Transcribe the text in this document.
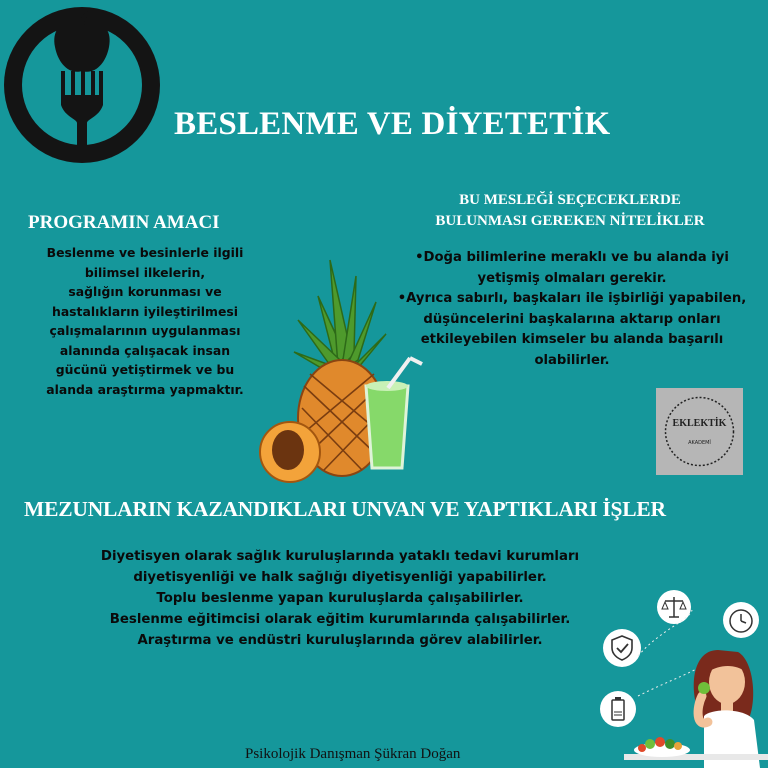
BESLENME VE DİYETETİK
PROGRAMIN AMACI
Beslenme ve besinlerle ilgili
bilimsel ilkelerin,
sağlığın korunması ve
hastalıkların iyileştirilmesi
çalışmalarının uygulanması
alanında çalışacak insan
gücünü yetiştirmek ve bu
alanda araştırma yapmaktır.
BU MESLEĞİ SEÇECEKLERDE
BULUNMASI GEREKEN NİTELİKLER
•Doğa bilimlerine meraklı ve bu alanda iyi
yetişmiş olmaları gerekir.
•Ayrıca sabırlı, başkaları ile işbirliği yapabilen,
düşüncelerini başkalarına aktarıp onları
etkileyebilen kimseler bu alanda başarılı
olabilirler.
EKLEKTİK
AKADEMİ
MEZUNLARIN KAZANDIKLARI UNVAN VE YAPTIKLARI İŞLER
Diyetisyen olarak sağlık kuruluşlarında yataklı tedavi kurumları
diyetisyenliği ve halk sağlığı diyetisyenliği yapabilirler.
Toplu beslenme yapan kuruluşlarda çalışabilirler.
Beslenme eğitimcisi olarak eğitim kurumlarında çalışabilirler.
Araştırma ve endüstri kuruluşlarında görev alabilirler.
Psikolojik Danışman Şükran Doğan
